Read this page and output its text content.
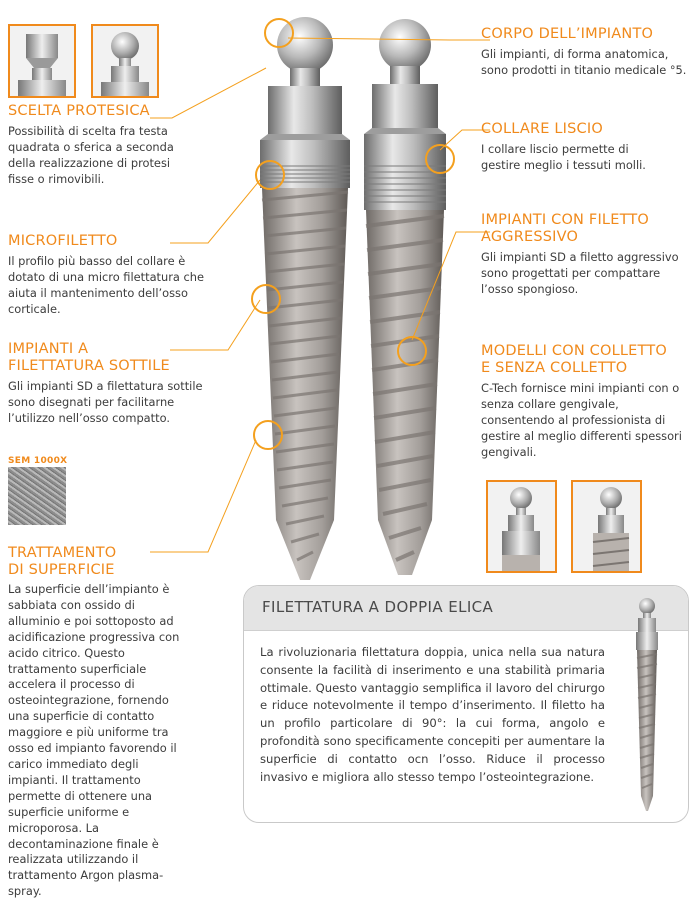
SCELTA PROTESICA

Possibilità di scelta fra testa quadrata o sferica a seconda della realizzazione di protesi fisse o rimovibili.

MICROFILETTO

Il profilo più basso del collare è dotato di una micro filettatura che aiuta il mantenimento dell’osso corticale.

IMPIANTI A

FILETTATURA SOTTILE

Gli impianti SD a filettatura sottile sono disegnati per facilitarne l’utilizzo nell’osso compatto.

SEM 1000X

TRATTAMENTO

DI SUPERFICIE

La superficie dell’impianto è sabbiata con ossido di alluminio e poi sottoposto ad acidificazione progressiva con acido citrico. Questo trattamento superficiale accelera il processo di osteointegrazione, fornendo una superficie di contatto maggiore e più uniforme tra osso ed impianto favorendo il carico immediato degli impianti. Il trattamento permette di ottenere una superficie uniforme e microporosa. La decontaminazione finale è realizzata utilizzando il trattamento Argon plasma-spray.

CORPO DELL’IMPIANTO

Gli impianti, di forma anatomica, sono prodotti in titanio medicale °5.

COLLARE LISCIO

I collare liscio permette di gestire meglio i tessuti molli.

IMPIANTI CON FILETTO

AGGRESSIVO

Gli impianti SD a filetto aggressivo sono progettati per compattare l’osso spongioso.

MODELLI CON COLLETTO

E SENZA COLLETTO

C-Tech fornisce mini impianti con o senza collare gengivale, consentendo al professionista di gestire al meglio differenti spessori gengivali.

FILETTATURA A DOPPIA ELICA
La rivoluzionaria filettatura doppia, unica nella sua natura consente la facilità di inserimento e una stabilità primaria ottimale. Questo vantaggio semplifica il lavoro del chirurgo e riduce notevolmente il tempo d’inserimento. Il filetto ha un profilo particolare di 90°: la cui forma, angolo e profondità sono specificamente concepiti per aumentare la superficie di contatto ocn l’osso. Riduce il processo invasivo e migliora allo stesso tempo l’osteointegrazione.
